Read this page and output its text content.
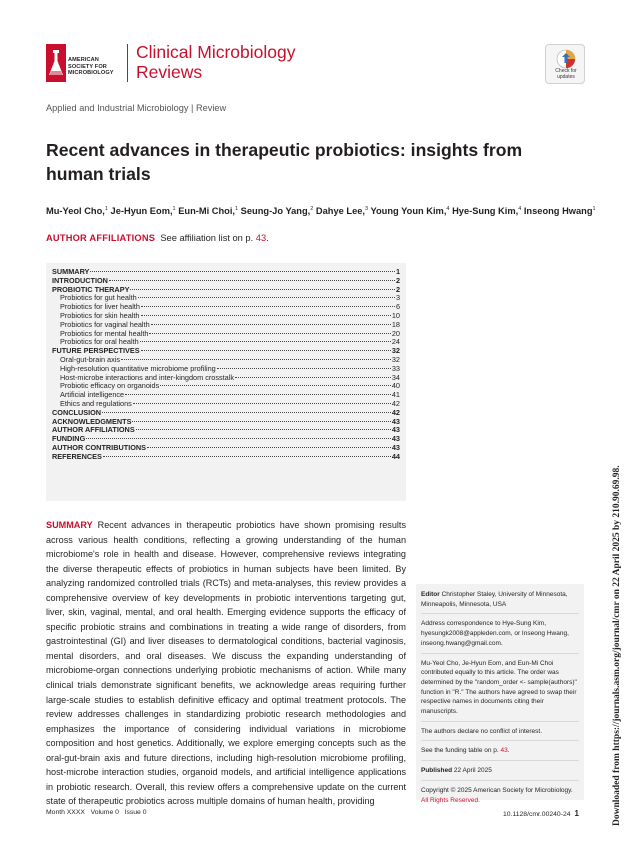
AMERICAN
SOCIETY FOR
MICROBIOLOGY
Clinical Microbiology
Reviews	Check for
updates
Applied and Industrial Microbiology | Review
Recent advances in therapeutic probiotics: insights from human trials
Mu-Yeol Cho,$^1$ Je-Hyun Eom,$^1$ Eun-Mi Choi,$^1$ Seung-Jo Yang,$^2$ Dahye Lee,$^3$ Young Youn Kim,$^4$ Hye-Sung Kim,$^4$ Inseong Hwang$^1$
AUTHOR AFFILIATIONS See affiliation list on p. 43.
SUMMARY	1
INTRODUCTION	2
PROBIOTIC THERAPY	2
Probiotics for gut health	3
Probiotics for liver health	6
Probiotics for skin health	10
Probiotics for vaginal health	18
Probiotics for mental health	20
Probiotics for oral health	24
FUTURE PERSPECTIVES	32
Oral-gut-brain axis	32
High-resolution quantitative microbiome profiling	33
Host-microbe interactions and inter-kingdom crosstalk	34
Probiotic efficacy on organoids	40
Artificial intelligence	41
Ethics and regulations	42
CONCLUSION	42
ACKNOWLEDGMENTS	43
AUTHOR AFFILIATIONS	43
FUNDING	43
AUTHOR CONTRIBUTIONS	43
REFERENCES	44
SUMMARY Recent advances in therapeutic probiotics have shown promising results across various health conditions, reflecting a growing understanding of the human microbiome's role in health and disease. However, comprehensive reviews integrating the diverse therapeutic effects of probiotics in human subjects have been limited. By analyzing randomized controlled trials (RCTs) and meta-analyses, this review provides a comprehensive overview of key developments in probiotic interventions targeting gut, liver, skin, vaginal, mental, and oral health. Emerging evidence supports the efficacy of specific probiotic strains and combinations in treating a wide range of disorders, from gastrointestinal (GI) and liver diseases to dermatological conditions, bacterial vaginosis, mental disorders, and oral diseases. We discuss the expanding understanding of microbiome-organ connections underlying probiotic mechanisms of action. While many clinical trials demonstrate significant benefits, we acknowledge areas requiring further large-scale studies to establish definitive efficacy and optimal treatment protocols. The review addresses challenges in standardizing probiotic research methodologies and emphasizes the importance of considering individual variations in microbiome composition and host genetics. Additionally, we explore emerging concepts such as the oral-gut-brain axis and future directions, including high-resolution microbiome profiling, host-microbe interaction studies, organoid models, and artificial intelligence applications in probiotic research. Overall, this review offers a comprehensive update on the current state of therapeutic probiotics across multiple domains of human health, providing
Editor Christopher Staley, University of Minnesota, Minneapolis, Minnesota, USA
Address correspondence to Hye-Sung Kim, hyesungk2008@appleden.com, or Inseong Hwang, inseong.hwang@gmail.com.
Mu-Yeol Cho, Je-Hyun Eom, and Eun-Mi Choi contributed equally to this article. The order was determined by the "random_order <- sample(authors)" function in "R." The authors have agreed to swap their respective names in documents citing their manuscripts.
The authors declare no conflict of interest.
See the funding table on p. 43.
Published 22 April 2025
Copyright © 2025 American Society for Microbiology. All Rights Reserved.
Month XXXX   Volume 0   Issue 0	10.1128/cmr.00240-24 1	Downloaded from https://journals.asm.org/journal/cmr on 22 April 2025 by 210.90.69.98.
